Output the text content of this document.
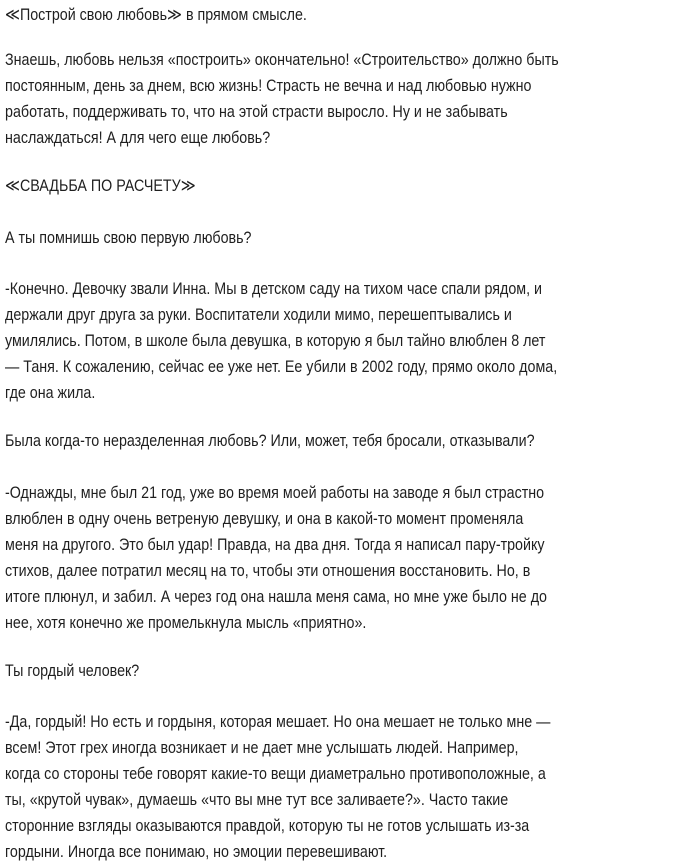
≪Построй свою любовь≫ в прямом смысле.
Знаешь, любовь нельзя «построить» окончательно! «Строительство» должно быть
постоянным, день за днем, всю жизнь! Страсть не вечна и над любовью нужно
работать, поддерживать то, что на этой страсти выросло. Ну и не забывать
наслаждаться! А для чего еще любовь?
≪СВАДЬБА ПО РАСЧЕТУ≫
А ты помнишь свою первую любовь?
-Конечно. Девочку звали Инна. Мы в детском саду на тихом часе спали рядом, и
держали друг друга за руки. Воспитатели ходили мимо, перешептывались и
умилялись. Потом, в школе была девушка, в которую я был тайно влюблен 8 лет
— Таня. К сожалению, сейчас ее уже нет. Ее убили в 2002 году, прямо около дома,
где она жила.
Была когда-то неразделенная любовь? Или, может, тебя бросали, отказывали?
-Однажды, мне был 21 год, уже во время моей работы на заводе я был страстно
влюблен в одну очень ветреную девушку, и она в какой-то момент променяла
меня на другого. Это был удар! Правда, на два дня. Тогда я написал пару-тройку
стихов, далее потратил месяц на то, чтобы эти отношения восстановить. Но, в
итоге плюнул, и забил. А через год она нашла меня сама, но мне уже было не до
нее, хотя конечно же промелькнула мысль «приятно».
Ты гордый человек?
-Да, гордый! Но есть и гордыня, которая мешает. Но она мешает не только мне —
всем! Этот грех иногда возникает и не дает мне услышать людей. Например,
когда со стороны тебе говорят какие-то вещи диаметрально противоположные, а
ты, «крутой чувак», думаешь «что вы мне тут все заливаете?». Часто такие
сторонние взгляды оказываются правдой, которую ты не готов услышать из-за
гордыни. Иногда все понимаю, но эмоции перевешивают.
